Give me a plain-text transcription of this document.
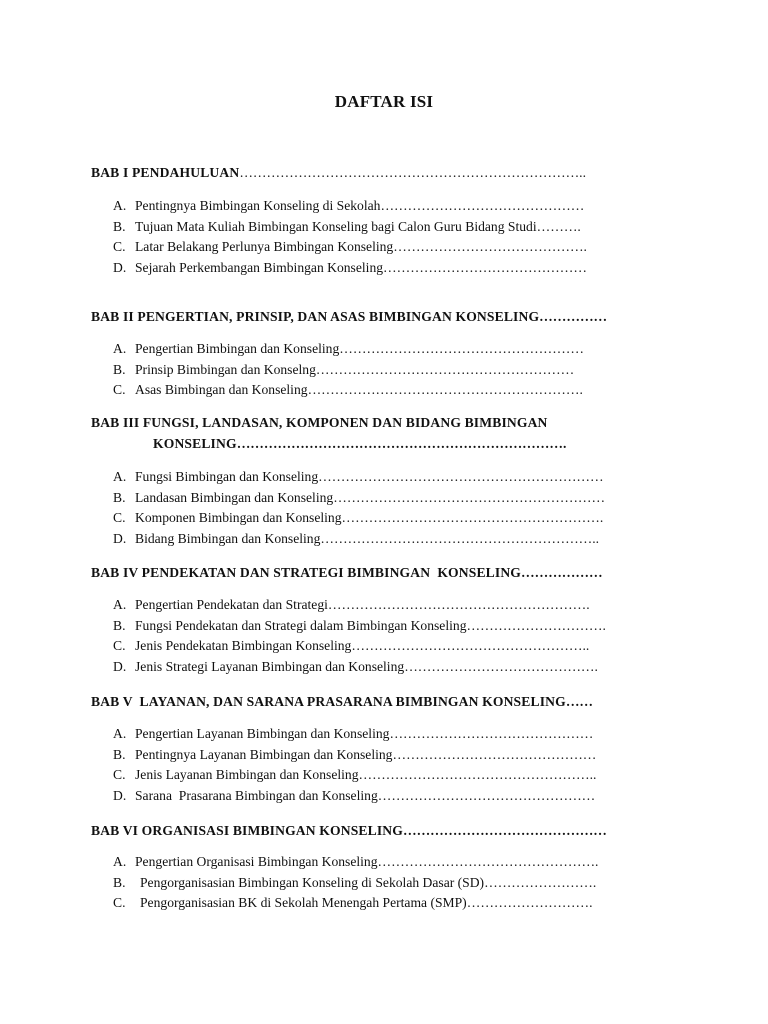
DAFTAR ISI
BAB I PENDAHULUAN…………………………………………………………………..
A. Pentingnya Bimbingan Konseling di Sekolah ………………………………………
B. Tujuan Mata Kuliah Bimbingan Konseling bagi Calon Guru Bidang Studi ……….
C. Latar Belakang Perlunya Bimbingan Konseling …………………………………….
D. Sejarah Perkembangan Bimbingan Konseling ………………………………………
BAB II PENGERTIAN, PRINSIP, DAN ASAS BIMBINGAN KONSELING……………
A. Pengertian Bimbingan dan Konseling ………………………………………………
B. Prinsip Bimbingan dan Konselng …………………………………………………
C. Asas Bimbingan dan Konseling …………………………………………………….
BAB III FUNGSI, LANDASAN, KOMPONEN DAN BIDANG BIMBINGAN
KONSELING……………………………………………………………….
A. Fungsi Bimbingan dan Konseling ………………………………………………………
B. Landasan Bimbingan dan Konseling ……………………………………………………
C. Komponen Bimbingan dan Konseling ………………………………………………….
D. Bidang Bimbingan dan Konseling ……………………………………………………..
BAB IV PENDEKATAN DAN STRATEGI BIMBINGAN  KONSELING………………
A. Pengertian Pendekatan dan Strategi ………………………………………………….
B. Fungsi Pendekatan dan Strategi dalam Bimbingan Konseling ………………………….
C. Jenis Pendekatan Bimbingan Konseling ……………………………………………..
D. Jenis Strategi Layanan Bimbingan dan Konseling …………………………………….
BAB V  LAYANAN, DAN SARANA PRASARANA BIMBINGAN KONSELING……
A. Pengertian Layanan Bimbingan dan Konseling ………………………………………
B. Pentingnya Layanan Bimbingan dan Konseling ………………………………………
C. Jenis Layanan Bimbingan dan Konseling ……………………………………………..
D. Sarana  Prasarana Bimbingan dan Konseling …………………………………………
BAB VI ORGANISASI BIMBINGAN KONSELING………………………………………
A. Pengertian Organisasi Bimbingan Konseling ………………………………………….
B.	Pengorganisasian Bimbingan Konseling di Sekolah Dasar (SD) …………………….
C.	Pengorganisasian BK di Sekolah Menengah Pertama (SMP) ……………………….
